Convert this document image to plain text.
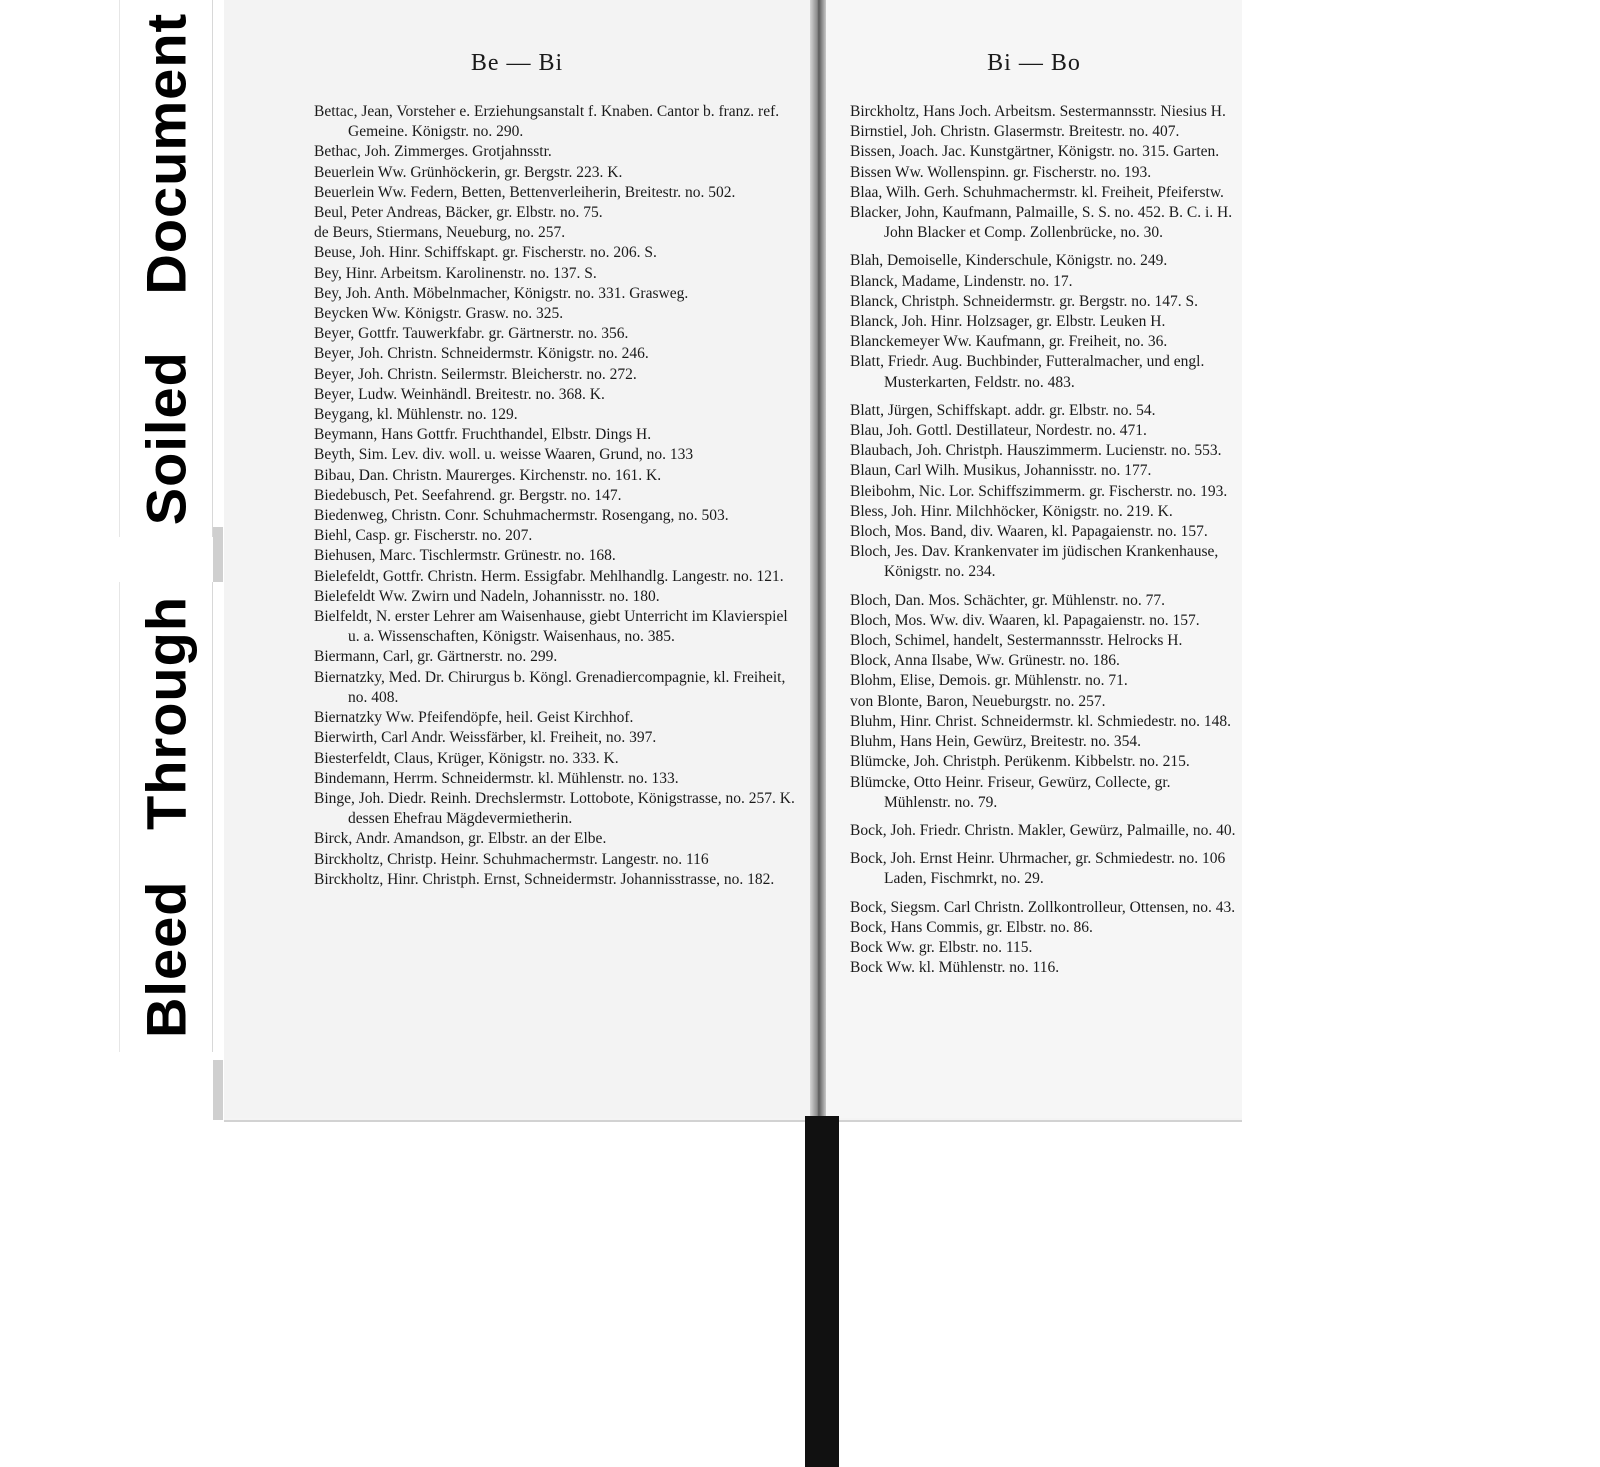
Soiled Document
Bleed Through
Be — Bi
Bettac, Jean, Vorsteher e. Erziehungsanstalt f. Knaben. Cantor b. franz. ref. Gemeine. Königstr. no. 290.
Bethac, Joh. Zimmerges. Grotjahnsstr.
Beuerlein Ww. Grünhöckerin, gr. Bergstr. 223. K.
Beuerlein Ww. Federn, Betten, Bettenverleiherin, Breitestr. no. 502.
Beul, Peter Andreas, Bäcker, gr. Elbstr. no. 75.
de Beurs, Stiermans, Neueburg, no. 257.
Beuse, Joh. Hinr. Schiffskapt. gr. Fischerstr. no. 206. S.
Bey, Hinr. Arbeitsm. Karolinenstr. no. 137. S.
Bey, Joh. Anth. Möbelnmacher, Königstr. no. 331. Grasweg.
Beycken Ww. Königstr. Grasw. no. 325.
Beyer, Gottfr. Tauwerkfabr. gr. Gärtnerstr. no. 356.
Beyer, Joh. Christn. Schneidermstr. Königstr. no. 246.
Beyer, Joh. Christn. Seilermstr. Bleicherstr. no. 272.
Beyer, Ludw. Weinhändl. Breitestr. no. 368. K.
Beygang, kl. Mühlenstr. no. 129.
Beymann, Hans Gottfr. Fruchthandel, Elbstr. Dings H.
Beyth, Sim. Lev. div. woll. u. weisse Waaren, Grund, no. 133
Bibau, Dan. Christn. Maurerges. Kirchenstr. no. 161. K.
Biedebusch, Pet. Seefahrend. gr. Bergstr. no. 147.
Biedenweg, Christn. Conr. Schuhmachermstr. Rosengang, no. 503.
Biehl, Casp. gr. Fischerstr. no. 207.
Biehusen, Marc. Tischlermstr. Grünestr. no. 168.
Bielefeldt, Gottfr. Christn. Herm. Essigfabr. Mehlhandlg. Langestr. no. 121.
Bielefeldt Ww. Zwirn und Nadeln, Johannisstr. no. 180.
Bielfeldt, N. erster Lehrer am Waisenhause, giebt Unterricht im Klavierspiel u. a. Wissenschaften, Königstr. Waisenhaus, no. 385.
Biermann, Carl, gr. Gärtnerstr. no. 299.
Biernatzky, Med. Dr. Chirurgus b. Köngl. Grenadiercompagnie, kl. Freiheit, no. 408.
Biernatzky Ww. Pfeifendöpfe, heil. Geist Kirchhof.
Bierwirth, Carl Andr. Weissfärber, kl. Freiheit, no. 397.
Biesterfeldt, Claus, Krüger, Königstr. no. 333. K.
Bindemann, Herrm. Schneidermstr. kl. Mühlenstr. no. 133.
Binge, Joh. Diedr. Reinh. Drechslermstr. Lottobote, Königstrasse, no. 257. K. dessen Ehefrau Mägdevermietherin.
Birck, Andr. Amandson, gr. Elbstr. an der Elbe.
Birckholtz, Christp. Heinr. Schuhmachermstr. Langestr. no. 116
Birckholtz, Hinr. Christph. Ernst, Schneidermstr. Johannisstrasse, no. 182.
Bi — Bo
Birckholtz, Hans Joch. Arbeitsm. Sestermannsstr. Niesius H.
Birnstiel, Joh. Christn. Glasermstr. Breitestr. no. 407.
Bissen, Joach. Jac. Kunstgärtner, Königstr. no. 315. Garten.
Bissen Ww. Wollenspinn. gr. Fischerstr. no. 193.
Blaa, Wilh. Gerh. Schuhmachermstr. kl. Freiheit, Pfeiferstw.
Blacker, John, Kaufmann, Palmaille, S. S. no. 452. B. C. i. H. John Blacker et Comp. Zollenbrücke, no. 30.
Blah, Demoiselle, Kinderschule, Königstr. no. 249.
Blanck, Madame, Lindenstr. no. 17.
Blanck, Christph. Schneidermstr. gr. Bergstr. no. 147. S.
Blanck, Joh. Hinr. Holzsager, gr. Elbstr. Leuken H.
Blanckemeyer Ww. Kaufmann, gr. Freiheit, no. 36.
Blatt, Friedr. Aug. Buchbinder, Futteralmacher, und engl. Musterkarten, Feldstr. no. 483.
Blatt, Jürgen, Schiffskapt. addr. gr. Elbstr. no. 54.
Blau, Joh. Gottl. Destillateur, Nordestr. no. 471.
Blaubach, Joh. Christph. Hauszimmerm. Lucienstr. no. 553.
Blaun, Carl Wilh. Musikus, Johannisstr. no. 177.
Bleibohm, Nic. Lor. Schiffszimmerm. gr. Fischerstr. no. 193.
Bless, Joh. Hinr. Milchhöcker, Königstr. no. 219. K.
Bloch, Mos. Band, div. Waaren, kl. Papagaienstr. no. 157.
Bloch, Jes. Dav. Krankenvater im jüdischen Krankenhause, Königstr. no. 234.
Bloch, Dan. Mos. Schächter, gr. Mühlenstr. no. 77.
Bloch, Mos. Ww. div. Waaren, kl. Papagaienstr. no. 157.
Bloch, Schimel, handelt, Sestermannsstr. Helrocks H.
Block, Anna Ilsabe, Ww. Grünestr. no. 186.
Blohm, Elise, Demois. gr. Mühlenstr. no. 71.
von Blonte, Baron, Neueburgstr. no. 257.
Bluhm, Hinr. Christ. Schneidermstr. kl. Schmiedestr. no. 148.
Bluhm, Hans Hein, Gewürz, Breitestr. no. 354.
Blümcke, Joh. Christph. Perükenm. Kibbelstr. no. 215.
Blümcke, Otto Heinr. Friseur, Gewürz, Collecte, gr. Mühlenstr. no. 79.
Bock, Joh. Friedr. Christn. Makler, Gewürz, Palmaille, no. 40.
Bock, Joh. Ernst Heinr. Uhrmacher, gr. Schmiedestr. no. 106 Laden, Fischmrkt, no. 29.
Bock, Siegsm. Carl Christn. Zollkontrolleur, Ottensen, no. 43.
Bock, Hans Commis, gr. Elbstr. no. 86.
Bock Ww. gr. Elbstr. no. 115.
Bock Ww. kl. Mühlenstr. no. 116.
